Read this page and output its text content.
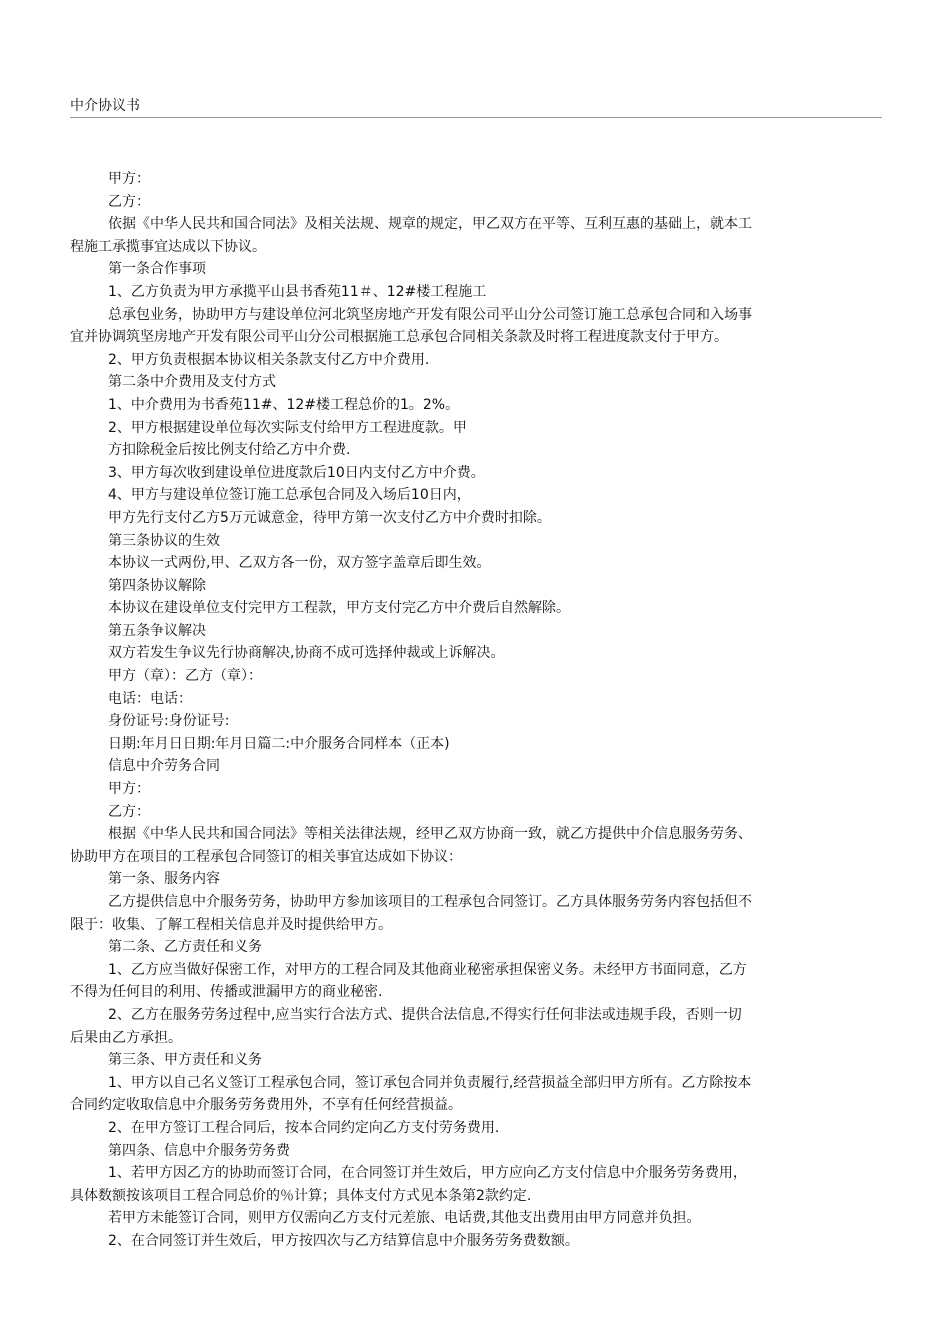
中介协议书
甲方：
乙方：
依据《中华人民共和国合同法》及相关法规、规章的规定，甲乙双方在平等、互利互惠的基础上，就本工
程施工承揽事宜达成以下协议。
第一条合作事项
1、乙方负责为甲方承揽平山县书香苑11＃、12#楼工程施工
总承包业务，协助甲方与建设单位河北筑坚房地产开发有限公司平山分公司签订施工总承包合同和入场事
宜并协调筑坚房地产开发有限公司平山分公司根据施工总承包合同相关条款及时将工程进度款支付于甲方。
2、甲方负责根据本协议相关条款支付乙方中介费用.
第二条中介费用及支付方式
1、中介费用为书香苑11#、12#楼工程总价的1。2%。
2、甲方根据建设单位每次实际支付给甲方工程进度款。甲
方扣除税金后按比例支付给乙方中介费.
3、甲方每次收到建设单位进度款后10日内支付乙方中介费。
4、甲方与建设单位签订施工总承包合同及入场后10日内，
甲方先行支付乙方5万元诚意金，待甲方第一次支付乙方中介费时扣除。
第三条协议的生效
本协议一式两份,甲、乙双方各一份，双方签字盖章后即生效。
第四条协议解除
本协议在建设单位支付完甲方工程款，甲方支付完乙方中介费后自然解除。
第五条争议解决
双方若发生争议先行协商解决,协商不成可选择仲裁或上诉解决。
甲方（章）：乙方（章）：
电话：电话：
身份证号:身份证号:
日期:年月日日期:年月日篇二:中介服务合同样本（正本)
信息中介劳务合同
甲方：
乙方：
根据《中华人民共和国合同法》等相关法律法规，经甲乙双方协商一致，就乙方提供中介信息服务劳务、
协助甲方在项目的工程承包合同签订的相关事宜达成如下协议：
第一条、服务内容
乙方提供信息中介服务劳务，协助甲方参加该项目的工程承包合同签订。乙方具体服务劳务内容包括但不
限于：收集、了解工程相关信息并及时提供给甲方。
第二条、乙方责任和义务
1、乙方应当做好保密工作，对甲方的工程合同及其他商业秘密承担保密义务。未经甲方书面同意，乙方
不得为任何目的利用、传播或泄漏甲方的商业秘密.
2、乙方在服务劳务过程中,应当实行合法方式、提供合法信息,不得实行任何非法或违规手段，否则一切
后果由乙方承担。
第三条、甲方责任和义务
1、甲方以自己名义签订工程承包合同，签订承包合同并负责履行,经营损益全部归甲方所有。乙方除按本
合同约定收取信息中介服务劳务费用外，不享有任何经营损益。
2、在甲方签订工程合同后，按本合同约定向乙方支付劳务费用.
第四条、信息中介服务劳务费
1、若甲方因乙方的协助而签订合同，在合同签订并生效后，甲方应向乙方支付信息中介服务劳务费用，
具体数额按该项目工程合同总价的％计算；具体支付方式见本条第2款约定.
若甲方未能签订合同，则甲方仅需向乙方支付元差旅、电话费,其他支出费用由甲方同意并负担。
2、在合同签订并生效后，甲方按四次与乙方结算信息中介服务劳务费数额。
